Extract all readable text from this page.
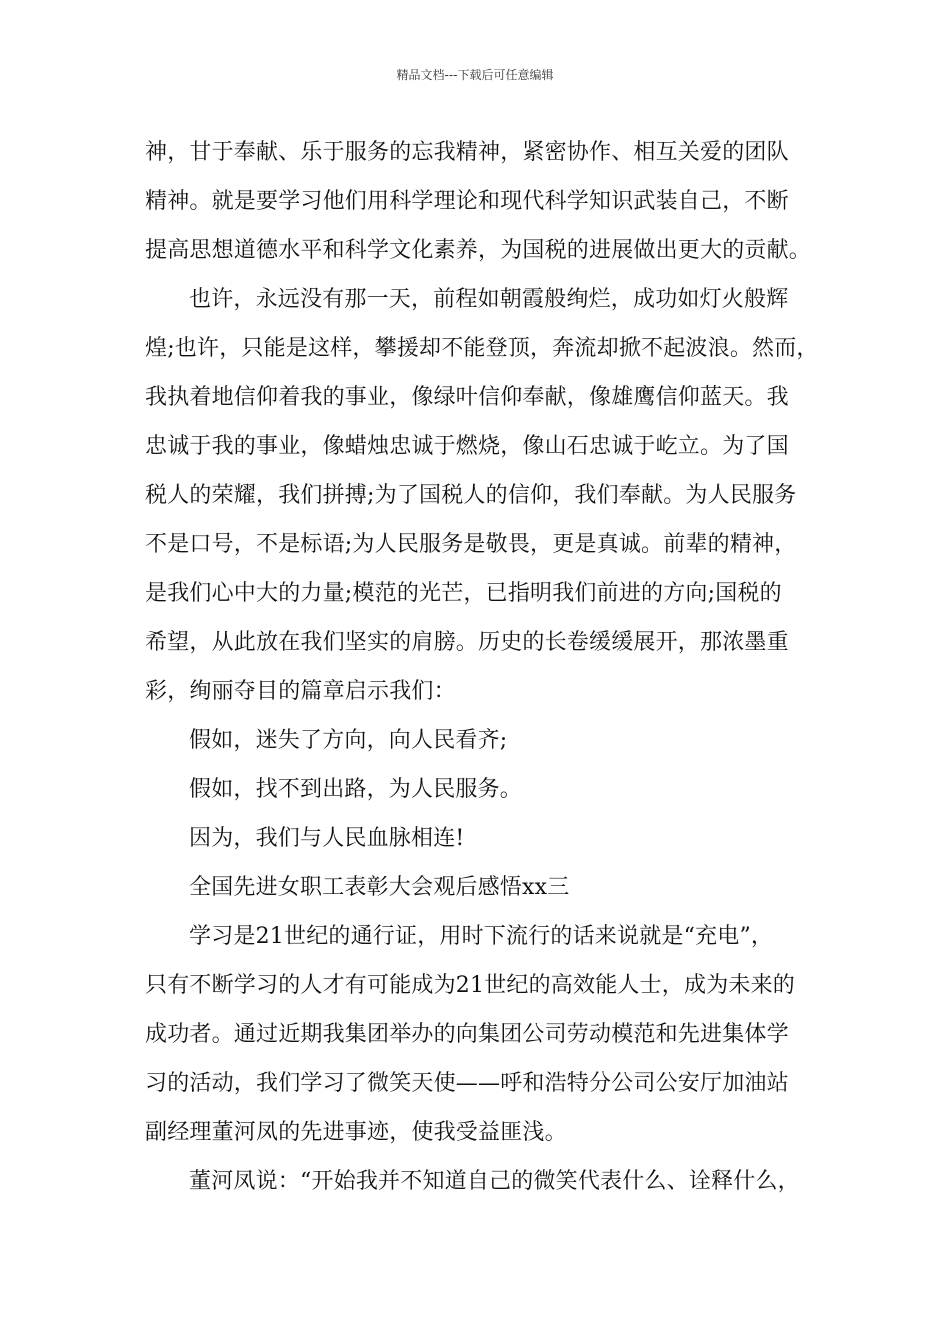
精品文档---下载后可任意编辑
神，甘于奉献、乐于服务的忘我精神，紧密协作、相互关爱的团队
精神。就是要学习他们用科学理论和现代科学知识武装自己，不断
提高思想道德水平和科学文化素养，为国税的进展做出更大的贡献。
也许，永远没有那一天，前程如朝霞般绚烂，成功如灯火般辉
煌;也许，只能是这样，攀援却不能登顶，奔流却掀不起波浪。然而，
我执着地信仰着我的事业，像绿叶信仰奉献，像雄鹰信仰蓝天。我
忠诚于我的事业，像蜡烛忠诚于燃烧，像山石忠诚于屹立。为了国
税人的荣耀，我们拼搏;为了国税人的信仰，我们奉献。为人民服务
不是口号，不是标语;为人民服务是敬畏，更是真诚。前辈的精神，
是我们心中大的力量;模范的光芒，已指明我们前进的方向;国税的
希望，从此放在我们坚实的肩膀。历史的长卷缓缓展开，那浓墨重
彩，绚丽夺目的篇章启示我们：
假如，迷失了方向，向人民看齐;
假如，找不到出路，为人民服务。
因为，我们与人民血脉相连!
全国先进女职工表彰大会观后感悟xx三
学习是21世纪的通行证，用时下流行的话来说就是“充电”，
只有不断学习的人才有可能成为21世纪的高效能人士，成为未来的
成功者。通过近期我集团举办的向集团公司劳动模范和先进集体学
习的活动，我们学习了微笑天使——呼和浩特分公司公安厅加油站
副经理董河凤的先进事迹，使我受益匪浅。
董河凤说：“开始我并不知道自己的微笑代表什么、诠释什么，
